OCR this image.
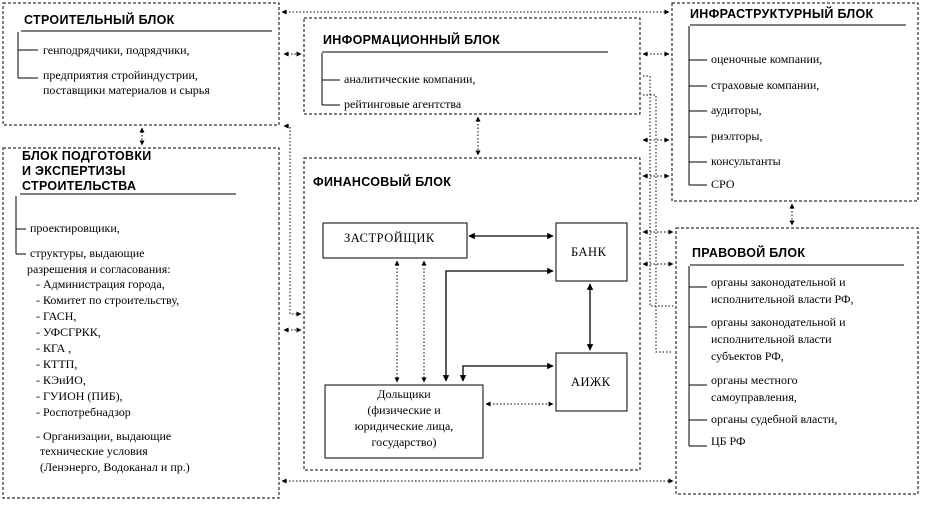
СТРОИТЕЛЬНЫЙ БЛОК
генподрядчики, подрядчики,
предприятия стройиндустрии,
поставщики материалов и сырья
ИНФОРМАЦИОННЫЙ БЛОК
аналитические компании,
рейтинговые агентства
ИНФРАСТРУКТУРНЫЙ БЛОК
оценочные компании,
страховые компании,
аудиторы,
риэлторы,
консультанты
СРО
БЛОК ПОДГОТОВКИ
И ЭКСПЕРТИЗЫ
СТРОИТЕЛЬСТВА
проектировщики,
структуры, выдающие
разрешения и согласования:
- Администрация города,
- Комитет по строительству,
- ГАСН,
- УФСГРКК,
- КГА ,
- КТТП,
- КЭиИО,
- ГУИОН (ПИБ),
- Роспотребнадзор
- Организации, выдающие
технические условия
(Ленэнерго, Водоканал и пр.)
ФИНАНСОВЫЙ БЛОК
ЗАСТРОЙЩИК
БАНК
АИЖК
Дольщики
(физические и
юридические лица,
государство)
ПРАВОВОЙ БЛОК
органы законодательной и
исполнительной власти РФ,
органы законодательной и
исполнительной власти
субъектов РФ,
органы местного
самоуправления,
органы судебной власти,
ЦБ РФ
